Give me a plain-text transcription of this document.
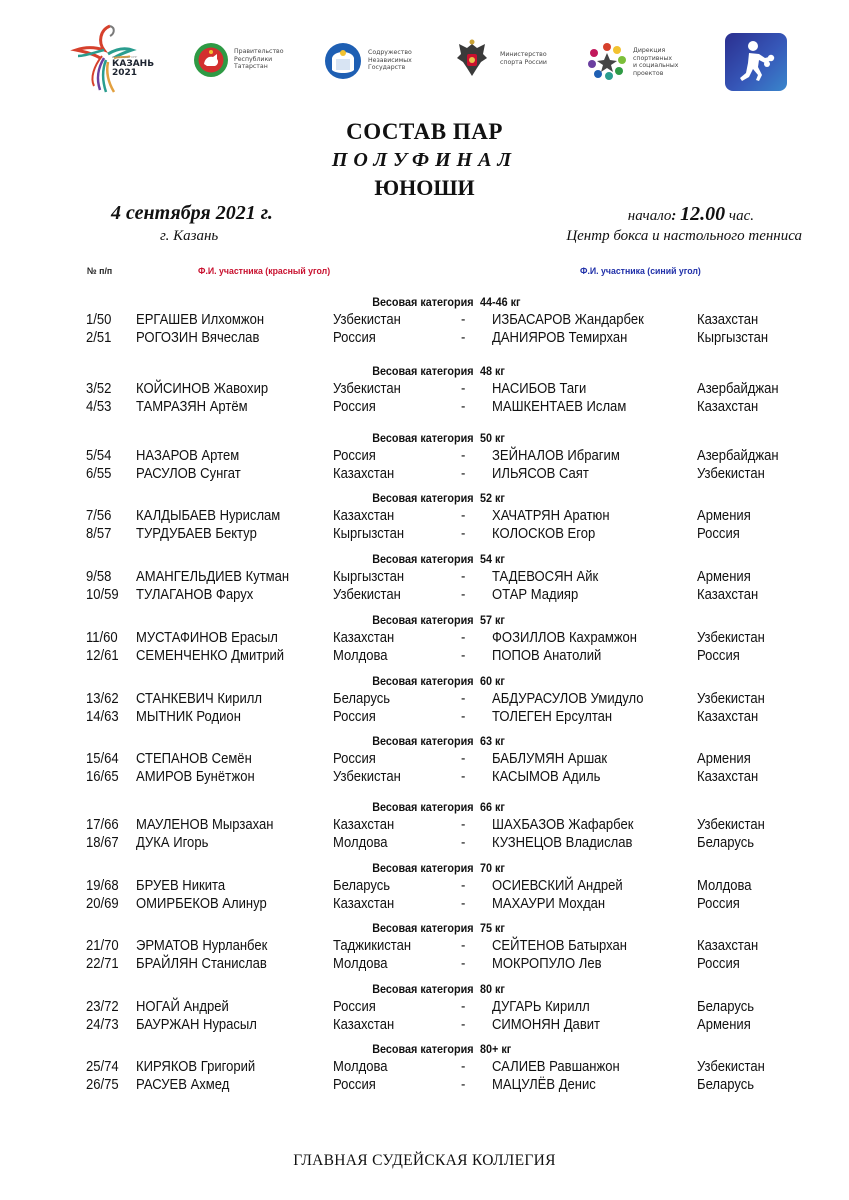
Игры стран СНГ
КАЗАНЬ
2021
Правительство
Республики
Татарстан
Содружество
Независимых
Государств
Министерство
спорта России
Дирекция
спортивных
и социальных
проектов
СОСТАВ ПАР
ПОЛУФИНАЛ
ЮНОШИ
4 сентября 2021 г.
г. Казань
начало: 12.00 час.
Центр бокса и настольного тенниса
№ п/п	Ф.И. участника (красный угол)	Ф.И. участника (синий угол)
Весовая категория 44-46 кг
1/50 ЕРГАШЕВ Илхомжон	Узбекистан	- ИЗБАСАРОВ Жандарбек	Казахстан
2/51 РОГОЗИН Вячеслав	Россия	- ДАНИЯРОВ Темирхан	Кыргызстан
Весовая категория 48 кг
3/52 КОЙСИНОВ Жавохир	Узбекистан	- НАСИБОВ Таги	Азербайджан
4/53 ТАМРАЗЯН Артём	Россия	- МАШКЕНТАЕВ Ислам	Казахстан
Весовая категория 50 кг
5/54 НАЗАРОВ Артем	Россия	- ЗЕЙНАЛОВ Ибрагим	Азербайджан
6/55 РАСУЛОВ Сунгат	Казахстан	- ИЛЬЯСОВ Саят	Узбекистан
Весовая категория 52 кг
7/56 КАЛДЫБАЕВ Нурислам	Казахстан	- ХАЧАТРЯН Аратюн	Армения
8/57 ТУРДУБАЕВ Бектур	Кыргызстан	- КОЛОСКОВ Егор	Россия
Весовая категория 54 кг
9/58 АМАНГЕЛЬДИЕВ Кутман	Кыргызстан	- ТАДЕВОСЯН Айк	Армения
10/59 ТУЛАГАНОВ Фарух	Узбекистан	- ОТАР Мадияр	Казахстан
Весовая категория 57 кг
11/60 МУСТАФИНОВ Ерасыл	Казахстан	- ФОЗИЛЛОВ Кахрамжон	Узбекистан
12/61 СЕМЕНЧЕНКО Дмитрий	Молдова	- ПОПОВ Анатолий	Россия
Весовая категория 60 кг
13/62 СТАНКЕВИЧ Кирилл	Беларусь	- АБДУРАСУЛОВ Умидуло	Узбекистан
14/63 МЫТНИК Родион	Россия	- ТОЛЕГЕН Ерсултан	Казахстан
Весовая категория 63 кг
15/64 СТЕПАНОВ Семён	Россия	- БАБЛУМЯН Аршак	Армения
16/65 АМИРОВ Бунётжон	Узбекистан	- КАСЫМОВ Адиль	Казахстан
Весовая категория 66 кг
17/66 МАУЛЕНОВ Мырзахан	Казахстан	- ШАХБАЗОВ Жафарбек	Узбекистан
18/67 ДУКА Игорь	Молдова	- КУЗНЕЦОВ Владислав	Беларусь
Весовая категория 70 кг
19/68 БРУЕВ Никита	Беларусь	- ОСИЕВСКИЙ Андрей	Молдова
20/69 ОМИРБЕКОВ Алинур	Казахстан	- МАХАУРИ Мохдан	Россия
Весовая категория 75 кг
21/70 ЭРМАТОВ Нурланбек	Таджикистан	- СЕЙТЕНОВ Батырхан	Казахстан
22/71 БРАЙЛЯН Станислав	Молдова	- МОКРОПУЛО Лев	Россия
Весовая категория 80 кг
23/72 НОГАЙ Андрей	Россия	- ДУГАРЬ Кирилл	Беларусь
24/73 БАУРЖАН Нурасыл	Казахстан	- СИМОНЯН Давит	Армения
Весовая категория 80+ кг
25/74 КИРЯКОВ Григорий	Молдова	- САЛИЕВ Равшанжон	Узбекистан
26/75 РАСУЕВ Ахмед	Россия	- МАЦУЛЁВ Денис	Беларусь
ГЛАВНАЯ СУДЕЙСКАЯ КОЛЛЕГИЯ
